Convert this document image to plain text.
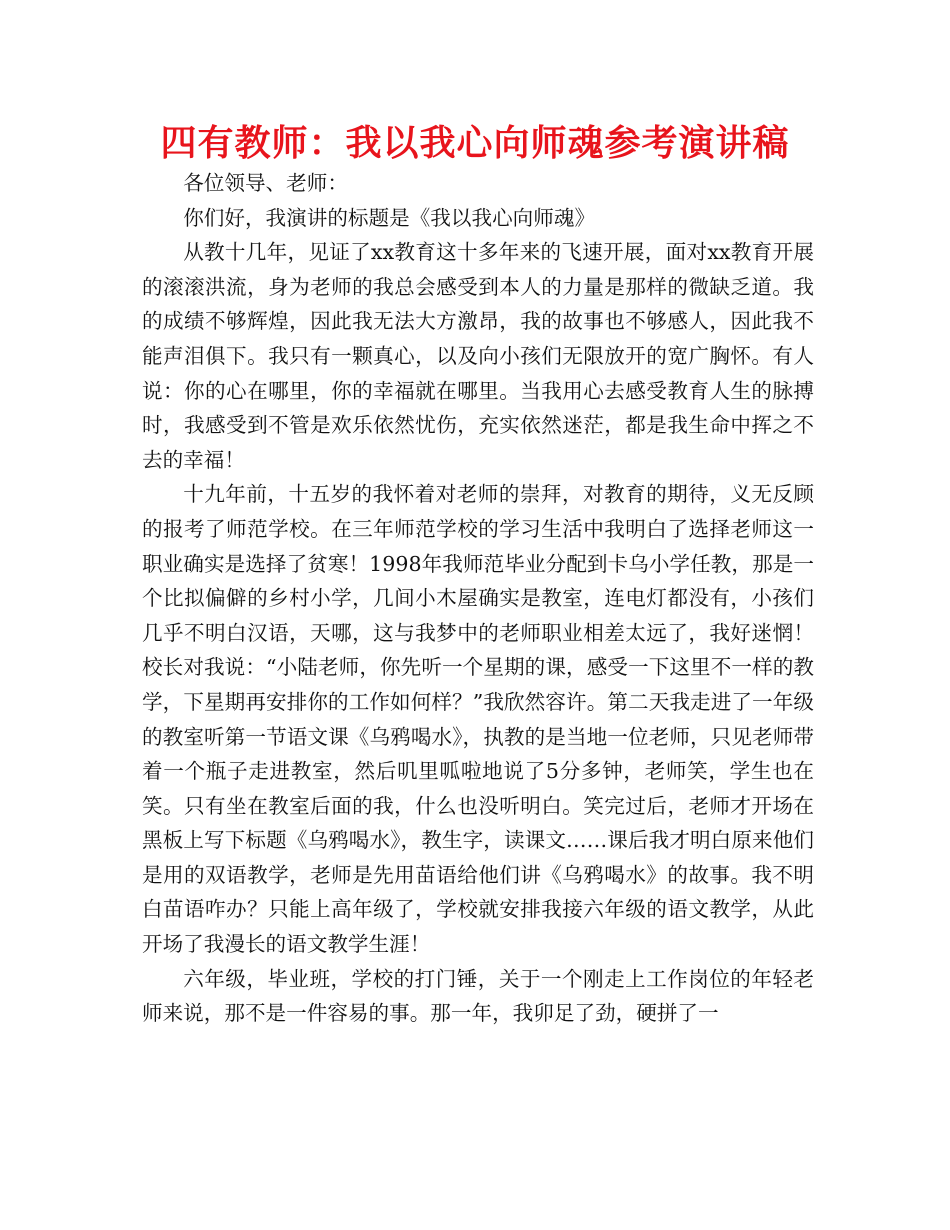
四有教师：我以我心向师魂参考演讲稿

各位领导、老师：

你们好，我演讲的标题是《我以我心向师魂》

从教十几年，见证了xx教育这十多年来的飞速开展，面对xx教育开展的滚滚洪流，身为老师的我总会感受到本人的力量是那样的微缺乏道。我的成绩不够辉煌，因此我无法大方激昂，我的故事也不够感人，因此我不能声泪俱下。我只有一颗真心，以及向小孩们无限放开的宽广胸怀。有人说：你的心在哪里，你的幸福就在哪里。当我用心去感受教育人生的脉搏时，我感受到不管是欢乐依然忧伤，充实依然迷茫，都是我生命中挥之不去的幸福！

十九年前，十五岁的我怀着对老师的崇拜，对教育的期待，义无反顾的报考了师范学校。在三年师范学校的学习生活中我明白了选择老师这一职业确实是选择了贫寒！1998年我师范毕业分配到卡乌小学任教，那是一个比拟偏僻的乡村小学，几间小木屋确实是教室，连电灯都没有，小孩们几乎不明白汉语，天哪，这与我梦中的老师职业相差太远了，我好迷惘！校长对我说：“小陆老师，你先听一个星期的课，感受一下这里不一样的教学，下星期再安排你的工作如何样？”我欣然容许。第二天我走进了一年级的教室听第一节语文课《乌鸦喝水》，执教的是当地一位老师，只见老师带着一个瓶子走进教室，然后叽里呱啦地说了5分多钟，老师笑，学生也在笑。只有坐在教室后面的我，什么也没听明白。笑完过后，老师才开场在黑板上写下标题《乌鸦喝水》，教生字，读课文……课后我才明白原来他们是用的双语教学，老师是先用苗语给他们讲《乌鸦喝水》的故事。我不明白苗语咋办？只能上高年级了，学校就安排我接六年级的语文教学，从此开场了我漫长的语文教学生涯！

六年级，毕业班，学校的打门锤，关于一个刚走上工作岗位的年轻老师来说，那不是一件容易的事。那一年，我卯足了劲，硬拼了一
